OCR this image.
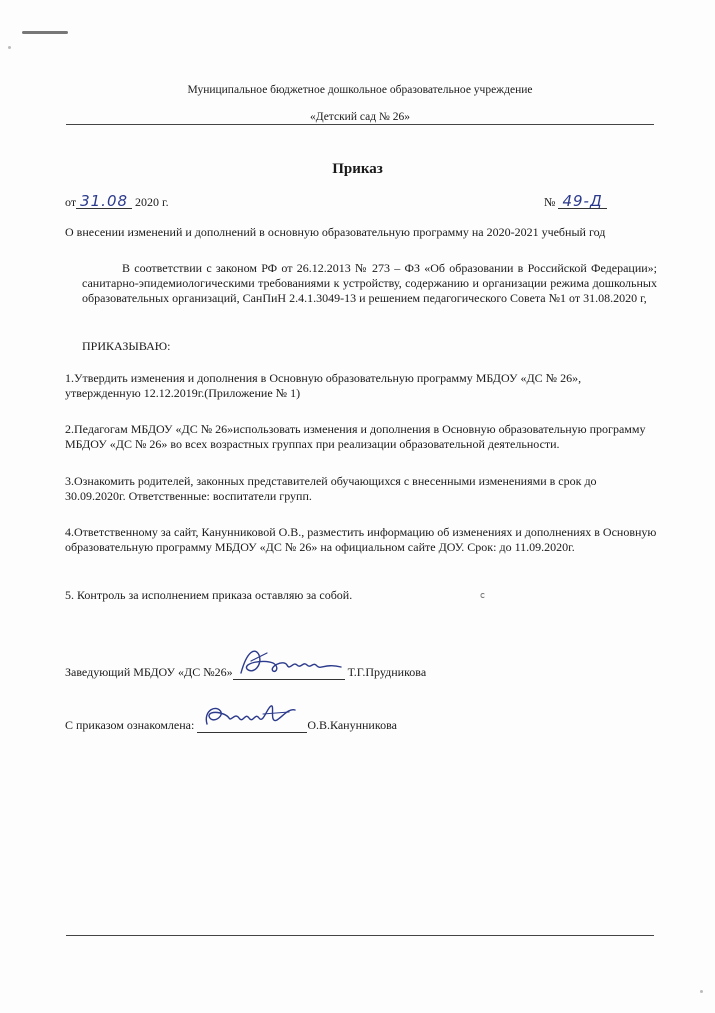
Муниципальное бюджетное дошкольное образовательное учреждение
«Детский сад № 26»
Приказ
от 31.08 2020 г.	№ 49-Д
О внесении изменений и дополнений в основную образовательную программу на 2020-2021 учебный год
В соответствии с законом РФ от 26.12.2013 № 273 – ФЗ «Об образовании в Российской Федерации»; санитарно-эпидемиологическими требованиями к устройству, содержанию и организации режима дошкольных образовательных организаций, СанПиН 2.4.1.3049-13 и решением педагогического Совета №1 от 31.08.2020 г,
ПРИКАЗЫВАЮ:
1.Утвердить изменения и дополнения в Основную образовательную программу МБДОУ «ДС № 26», утвержденную 12.12.2019г.(Приложение № 1)
2.Педагогам МБДОУ «ДС № 26»использовать изменения и дополнения в Основную образовательную программу МБДОУ «ДС № 26» во всех возрастных группах при реализации образовательной деятельности.
3.Ознакомить родителей, законных представителей обучающихся с внесенными изменениями в срок до 30.09.2020г. Ответственные: воспитатели групп.
4.Ответственному за сайт, Канунниковой О.В., разместить информацию об изменениях и дополнениях в Основную образовательную программу МБДОУ «ДС № 26» на официальном сайте ДОУ. Срок: до 11.09.2020г.
5. Контроль за исполнением приказа оставляю за собой.	ⅽ
Заведующий МБДОУ «ДС №26»	Т.Г.Прудникова
С приказом ознакомлена:	О.В.Канунникова
